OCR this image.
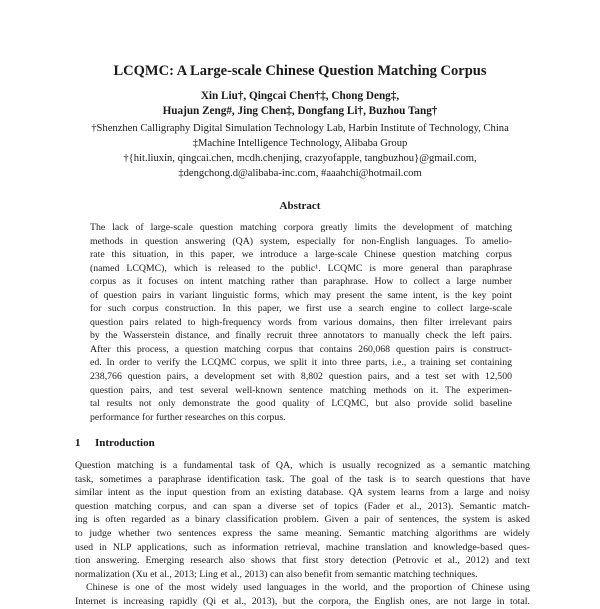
LCQMC: A Large-scale Chinese Question Matching Corpus
Xin Liu†, Qingcai Chen†‡, Chong Deng‡,
Huajun Zeng#, Jing Chen‡, Dongfang Li†, Buzhou Tang†
†Shenzhen Calligraphy Digital Simulation Technology Lab, Harbin Institute of Technology, China
‡Machine Intelligence Technology, Alibaba Group
†{hit.liuxin, qingcai.chen, mcdh.chenjing, crazyofapple, tangbuzhou}@gmail.com,
‡dengchong.d@alibaba-inc.com, #aaahchi@hotmail.com
Abstract
The lack of large-scale question matching corpora greatly limits the development of matching
methods in question answering (QA) system, especially for non-English languages. To amelio-
rate this situation, in this paper, we introduce a large-scale Chinese question matching corpus
(named LCQMC), which is released to the public¹. LCQMC is more general than paraphrase
corpus as it focuses on intent matching rather than paraphrase. How to collect a large number
of question pairs in variant linguistic forms, which may present the same intent, is the key point
for such corpus construction. In this paper, we first use a search engine to collect large-scale
question pairs related to high-frequency words from various domains, then filter irrelevant pairs
by the Wasserstein distance, and finally recruit three annotators to manually check the left pairs.
After this process, a question matching corpus that contains 260,068 question pairs is construct-
ed. In order to verify the LCQMC corpus, we split it into three parts, i.e., a training set containing
238,766 question pairs, a development set with 8,802 question pairs, and a test set with 12,500
question pairs, and test several well-known sentence matching methods on it. The experimen-
tal results not only demonstrate the good quality of LCQMC, but also provide solid baseline
performance for further researches on this corpus.
1 Introduction
Question matching is a fundamental task of QA, which is usually recognized as a semantic matching
task, sometimes a paraphrase identification task. The goal of the task is to search questions that have
similar intent as the input question from an existing database. QA system learns from a large and noisy
question matching corpus, and can span a diverse set of topics (Fader et al., 2013). Semantic match-
ing is often regarded as a binary classification problem. Given a pair of sentences, the system is asked
to judge whether two sentences express the same meaning. Semantic matching algorithms are widely
used in NLP applications, such as information retrieval, machine translation and knowledge-based ques-
tion answering. Emerging research also shows that first story detection (Petrovic et al., 2012) and text
normalization (Xu et al., 2013; Ling et al., 2013) can also benefit from semantic matching techniques.
Chinese is one of the most widely used languages in the world, and the proportion of Chinese using
Internet is increasing rapidly (Qi et al., 2013), but the corpora, the English ones, are not large in total.
